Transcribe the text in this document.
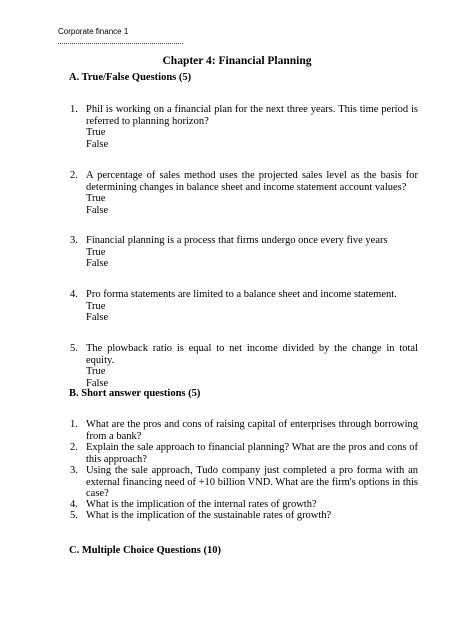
Corporate finance 1
Chapter 4: Financial Planning
A. True/False Questions (5)
1. Phil is working on a financial plan for the next three years. This time period is referred to planning horizon?
True
False
2. A percentage of sales method uses the projected sales level as the basis for determining changes in balance sheet and income statement account values?
True
False
3. Financial planning is a process that firms undergo once every five years
True
False
4. Pro forma statements are limited to a balance sheet and income statement.
True
False
5. The plowback ratio is equal to net income divided by the change in total equity.
True
False
B. Short answer questions (5)
1. What are the pros and cons of raising capital of enterprises through borrowing from a bank?
2. Explain the sale approach to financial planning? What are the pros and cons of this approach?
3. Using the sale approach, Tudo company just completed a pro forma with an external financing need of +10 billion VND. What are the firm's options in this case?
4. What is the implication of the internal rates of growth?
5. What is the implication of the sustainable rates of growth?
C. Multiple Choice Questions (10)
